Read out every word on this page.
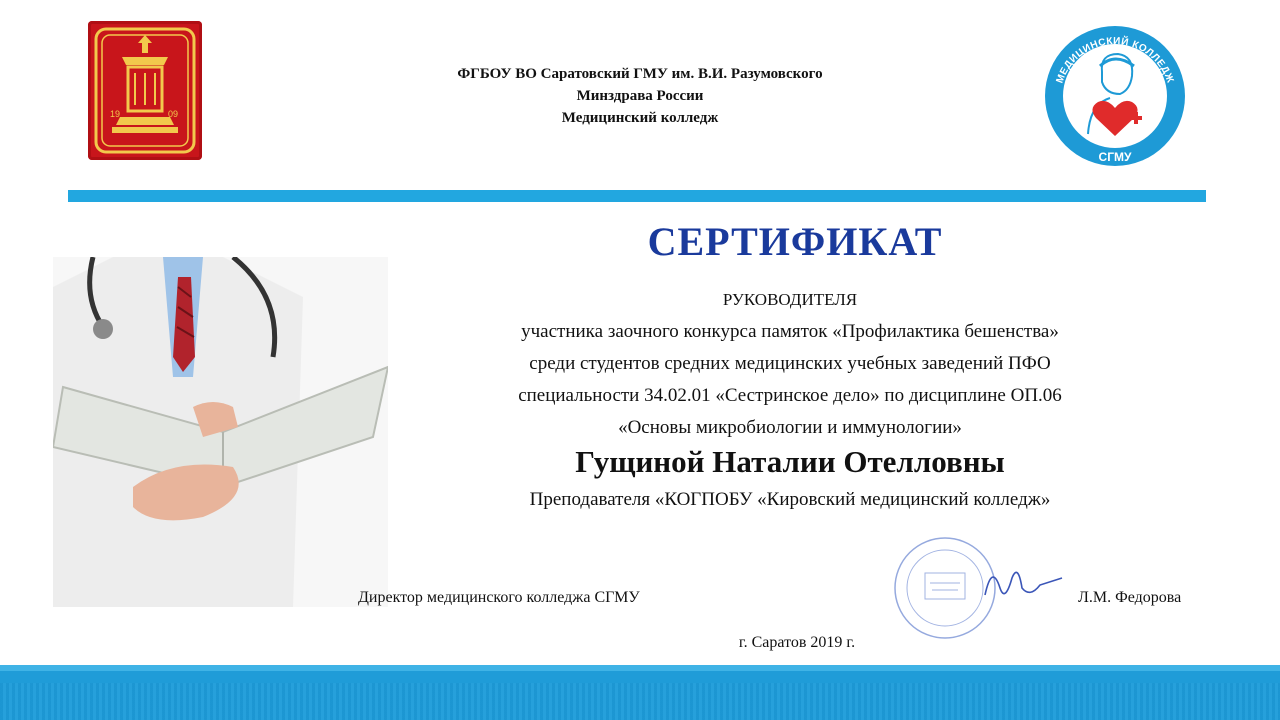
19	09
ФГБОУ ВО Саратовский ГМУ им. В.И. Разумовского
Минздрава России
Медицинский колледж
МЕДИЦИНСКИЙ КОЛЛЕДЖ
СГМУ
СЕРТИФИКАТ
РУКОВОДИТЕЛЯ
участника заочного конкурса памяток «Профилактика бешенства»
среди студентов средних медицинских учебных заведений ПФО
специальности 34.02.01 «Сестринское дело» по дисциплине ОП.06
«Основы микробиологии и иммунологии»
Гущиной Наталии Отелловны
Преподавателя «КОГПОБУ «Кировский медицинский колледж»
Директор медицинского колледжа СГМУ	Л.М. Федорова
г. Саратов 2019 г.
